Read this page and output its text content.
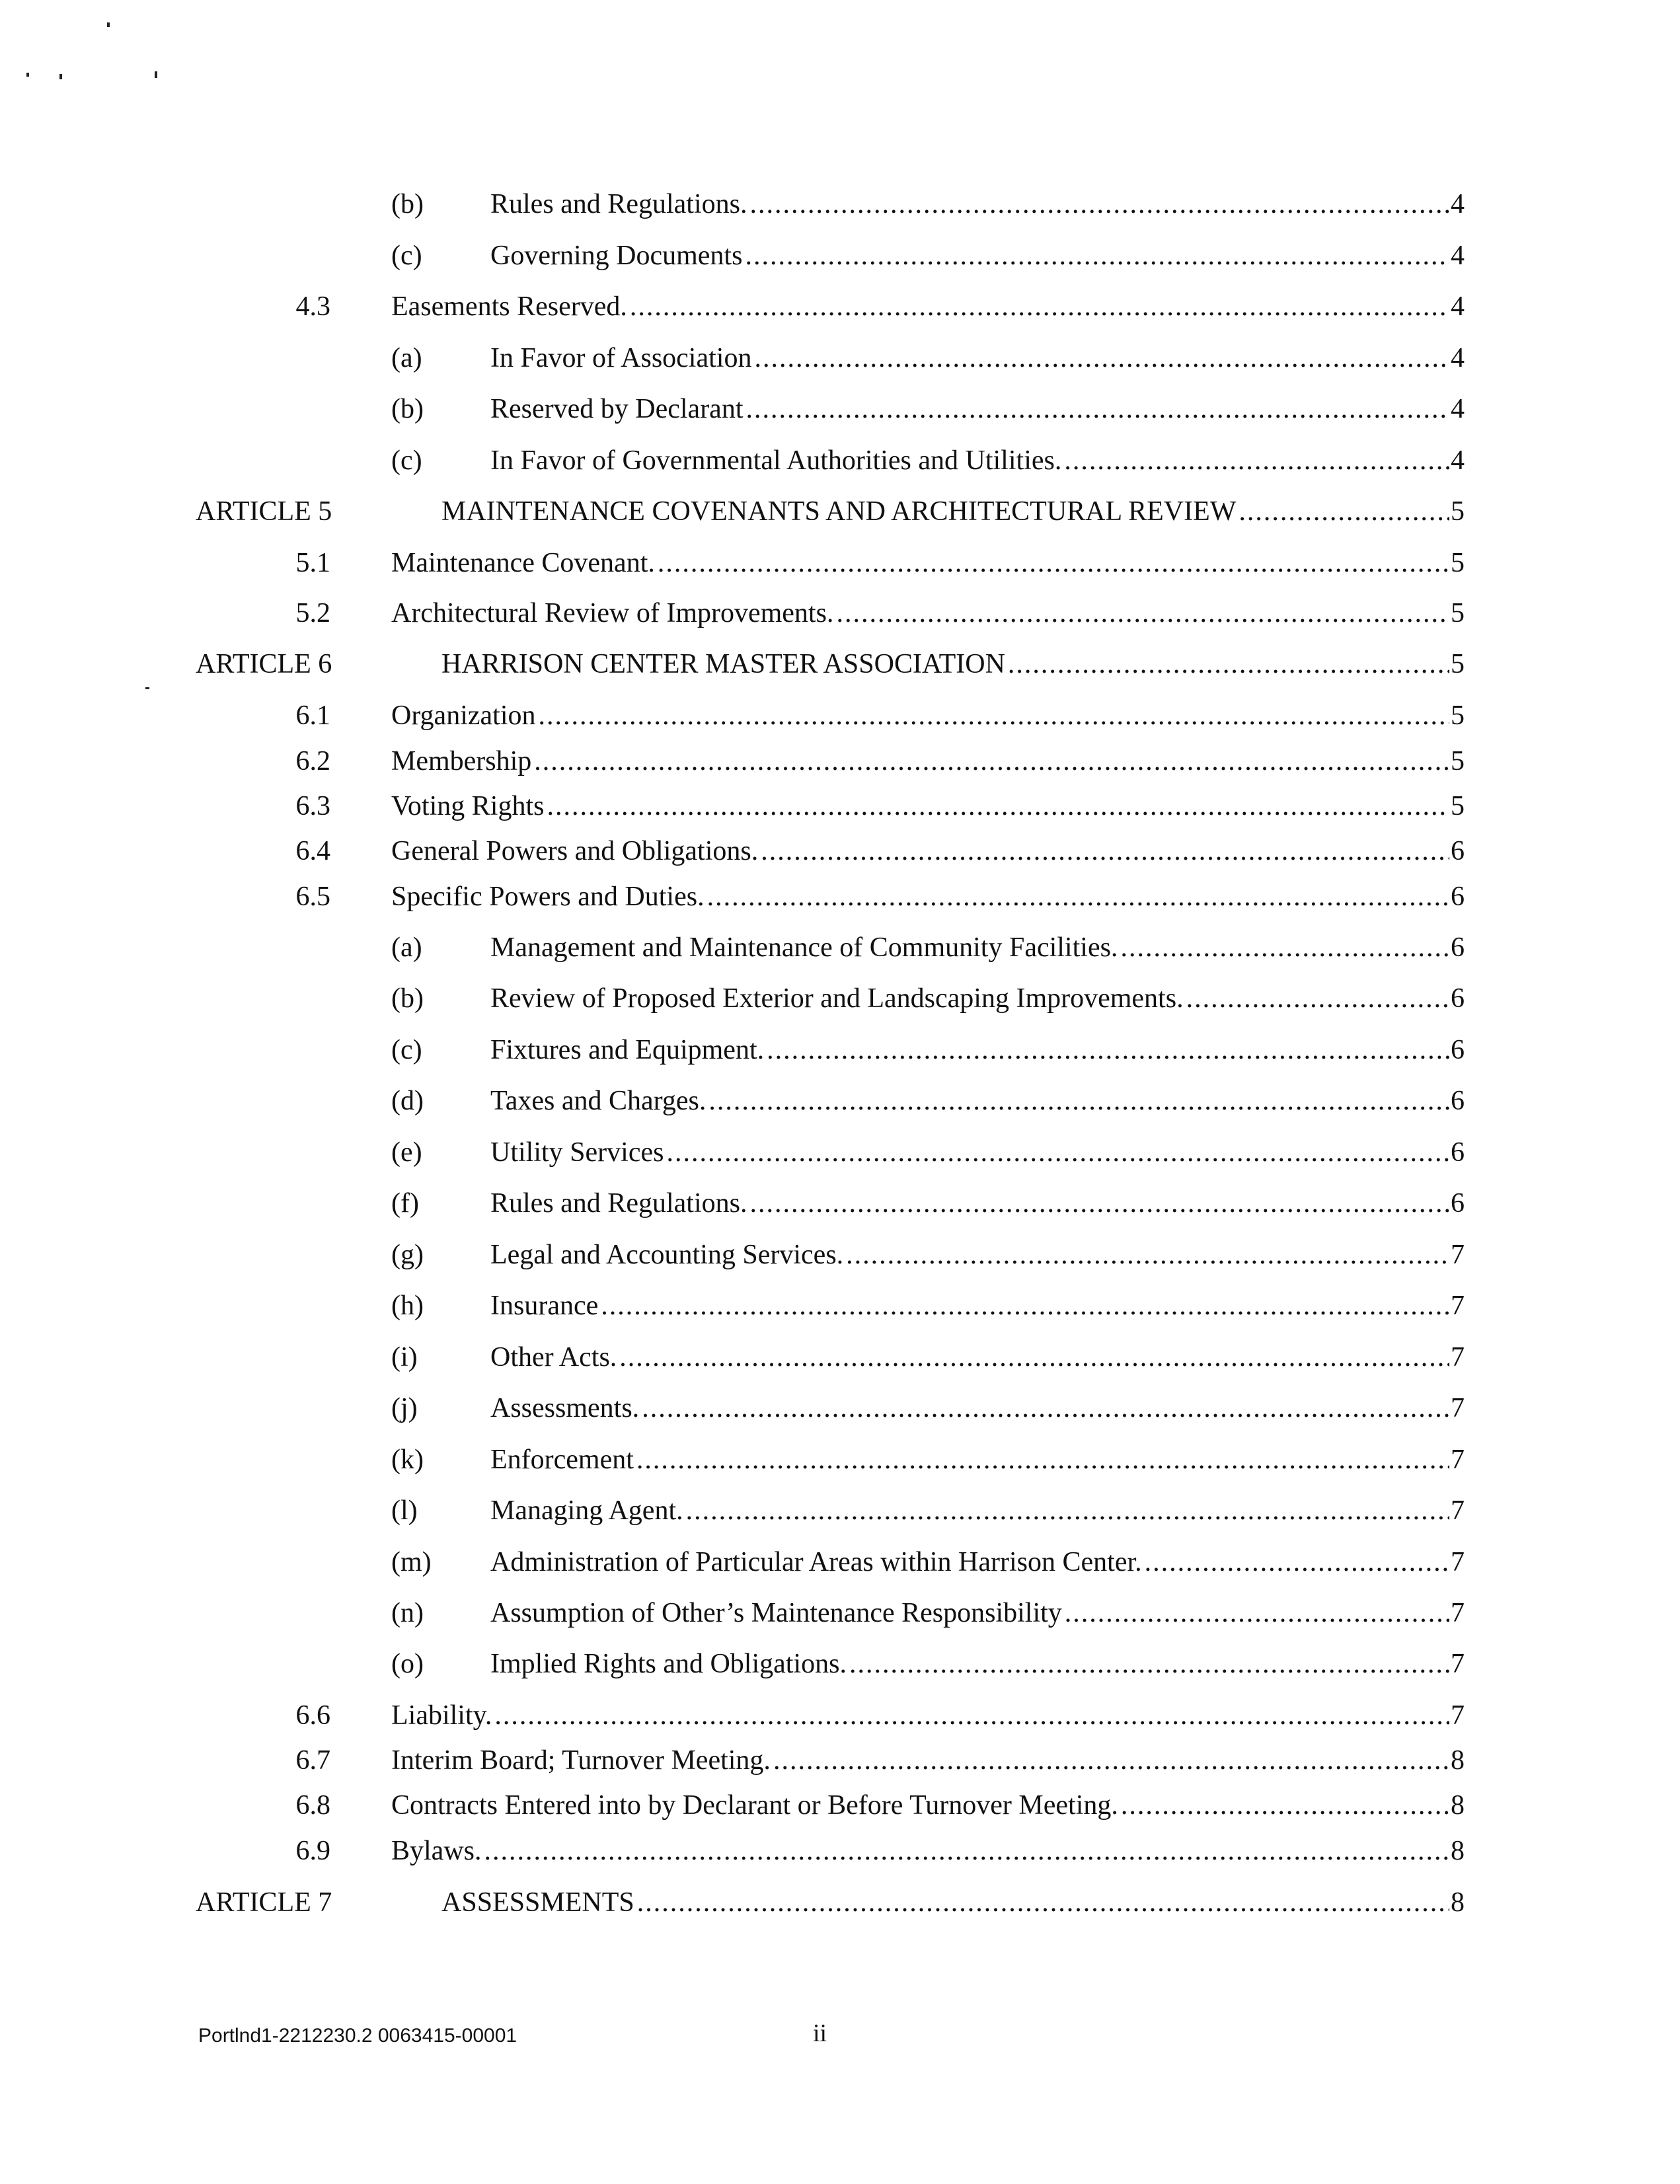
(b) Rules and Regulations. .....	4
(c) Governing Documents .....	4
4.3 Easements Reserved. .....	4
(a) In Favor of Association .....	4
(b) Reserved by Declarant .....	4
(c) In Favor of Governmental Authorities and Utilities. .....	4
ARTICLE 5	MAINTENANCE COVENANTS AND ARCHITECTURAL REVIEW .....	5
5.1 Maintenance Covenant. .....	5
5.2 Architectural Review of Improvements. .....	5
ARTICLE 6	HARRISON CENTER MASTER ASSOCIATION .....	5
6.1 Organization .....	5
6.2 Membership .....	5
6.3 Voting Rights .....	5
6.4 General Powers and Obligations. .....	6
6.5 Specific Powers and Duties. .....	6
(a) Management and Maintenance of Community Facilities. .....	6
(b) Review of Proposed Exterior and Landscaping Improvements. .....	6
(c) Fixtures and Equipment. .....	6
(d) Taxes and Charges. .....	6
(e) Utility Services .....	6
(f)	Rules and Regulations. .....	6
(g) Legal and Accounting Services. .....	7
(h) Insurance .....	7
(i)	Other Acts. .....	7
(j)	Assessments. .....	7
(k) Enforcement .....	7
(l)	Managing Agent. .....	7
(m) Administration of Particular Areas within Harrison Center. .....	7
(n) Assumption of Other’s Maintenance Responsibility .....	7
(o) Implied Rights and Obligations. .....	7
6.6 Liability. .....	7
6.7 Interim Board; Turnover Meeting. .....	8
6.8 Contracts Entered into by Declarant or Before Turnover Meeting. .....	8
6.9 Bylaws. .....	8
ARTICLE 7	ASSESSMENTS .....	8
Portlnd1-2212230.2 0063415-00001	ii
